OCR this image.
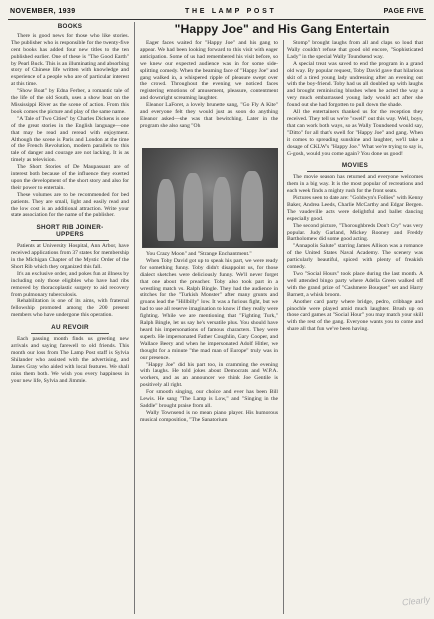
NOVEMBER, 1939	T H E   L A M P   P O S T	PAGE FIVE
BOOKS

There is good news for those who like stories. The publisher who is responsible for the twenty-five cent books has added four new titles to the ten published earlier. One of these is "The Good Earth" by Pearl Buck. This is an illuminating and absorbing story of Chinese life written with knowledge and experience of a people who are of particular interest at this time.

"Show Boat" by Edna Ferber, a romantic tale of the life of the old South, uses a show boat on the Mississippi River as the scene of action. From this book comes the picture and play of the same name.

"A Tale of Two Cities" by Charles Dickens is one of the great stories in the English language—one that may be read and reread with enjoyment. Although the scene is Paris and London at the time of the French Revolution, modern parallels to this tale of danger and courage are not lacking. It is as timely as television.

The Short Stories of De Maupassant are of interest both because of the influence they exerted upon the development of the short story and also for their power to entertain.

These volumes are to be recommended for bed patients. They are small, light and easily read and the low cost is an additional attraction. Write your state association for the name of the publisher.

SHORT RIB JOINER-UPPERS

Patients at University Hospital, Ann Arbor, have received applications from 37 states for membership in the Michigan Chapter of the Mystic Order of the Short Rib which they organized this fall.

It's an exclusive order, and pokes fun at illness by including only those eligibles who have had ribs removed by thoracoplastic surgery to aid recovery from pulmonary tuberculosis.

Rehabilitation is one of its aims, with fraternal fellowship promoted among the 200 present members who have undergone this operation.

AU REVOIR

Each passing month finds us greeting new arrivals and saying farewell to old friends. This month our loss from The Lamp Post staff is Sylvia Shilander who assisted with the advertising, and James Gray who aided with local features. We shall miss them both. We wish you every happiness in your new life, Sylvia and Jimmie.

"Happy Joe" and His Gang Entertain

Eager faces waited for "Happy Joe" and his gang to appear. We had been looking forward to this visit with eager anticipation. Some of us had remembered his visit before, so we knew our expected audience was in for some side-splitting comedy. When the beaming face of "Happy Joe" and gang walked in, a whispered ripple of pleasure swept over the crowd. Throughout the evening we noticed faces registering emotions of amusement, pleasure, contentment and downright screaming laughter.

Eleanor LaForet, a lovely brunette sang, "Go Fly A Kite" and everyone felt they would just as soon do anything Eleanor asked—she was that bewitching. Later in the program she also sang "Oh

You Crazy Moon" and "Strange Enchantment."

When Toby David got up to speak his part, we were ready for something funny. Toby didn't disappoint us, for those dialect sketches were deliciously funny. We'll never forget that one about the preacher. Toby also took part in a wrestling match vs. Ralph Bingle. They had the audience in stitches for the "Turkish Monster" after many grunts and groans lead the "Hillbilly" low. It was a furious fight, but we had to use all reserve imagination to know if they really were fighting. While we are mentioning that "Fighting Turk," Ralph Bingle, let us say he's versatile plus. You should have heard his impersonations of famous characters. They were superb. He impersonated Father Coughlin, Gary Cooper, and Wallace Beery and when he impersonated Adolf Hitler, we thought for a minute "the mad man of Europe" truly was in our presence.

"Happy Joe" did his part too, in cramming the evening with laughs. He told jokes about Democrats and W.P.A. workers, and as an announcer we think Joe Gentile is positively all right.

For smooth singing, our choice and ever has been Bill Lewis. He sang "The Lamp is Low," and "Singing in the Saddle" brought praise from all.

Wally Townsend is no mean piano player. His humorous musical composition, "The Sanatorium

Stomp" brought laughs from all and claps so loud that Wally couldn't refuse that good old encore, "Sophisticated Lady" in the special Wally Toundsend way.

A special treat was saved to end the program in a grand old way. By popular request, Toby David gave that hilarious skit of a tired young lady undressing after an evening out with the boy-friend. Toby had us all doubled up with laughs and brought reminiscing blushes when he acted the way a very much embarrassed young lady would act after she found out she had forgotten to pull down the shade.

All the entertainers thanked us for the reception they received. They tell us we're "swell" out this way. Well, boys, that can work both ways, so as Wally Toundsend would say, "Ditto" for all that's swell for "Happy Joe" and gang. When it comes to spreading sunshine and laughter, we'll take a dosage of CKLW's "Happy Joe." What we're trying to say is, G-gosh, would you come again? You done us good!

MOVIES

The movie season has returned and everyone welcomes them in a big way. It is the most popular of recreations and each week finds a mighty rush for the front seats.

Pictures seen to date are: "Goldwyn's Follies" with Kenny Baker, Andrea Leeds, Charlie McCarthy and Edgar Bergen. The vaudeville acts were delightful and ballet dancing especially good.

The second picture, "Thoroughbreds Don't Cry" was very popular. Judy Garland, Mickey Rooney and Freddy Bartholomew did some good acting.

"Annapolis Salute" starring James Allison was a romance of the United States Naval Academy. The scenery was particularly beautiful, spiced with plenty of freakish comedy.

Two "Social Hours" took place during the last month. A well attended bingo party where Adella Green walked off with the grand prize of "Cashmere Bouquet" set and Harry Barnett, a whisk broom.

Another card party where bridge, pedro, cribbage and pinochle were played amid much laughter. Brush up on those card games at "Social Hour" you may match your skill with the rest of the gang. Everyone wants you to come and share all that fun we've been having.

Clearly
